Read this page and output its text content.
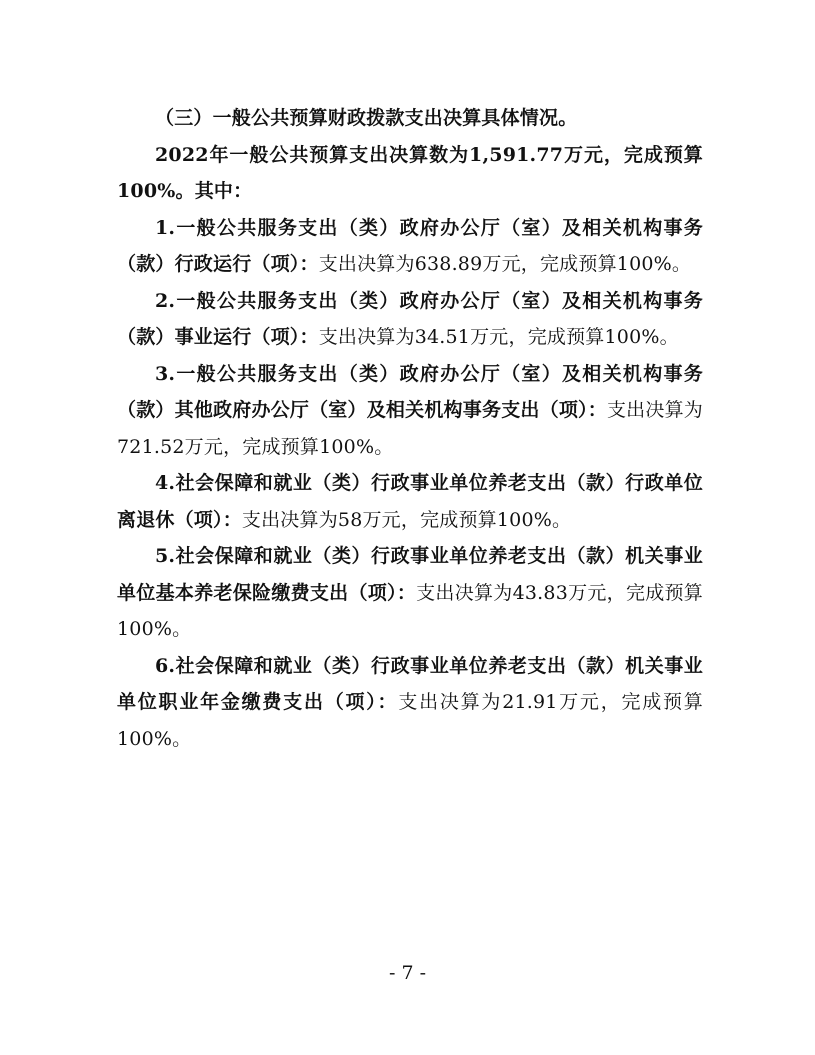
（三）一般公共预算财政拨款支出决算具体情况。

2022年一般公共预算支出决算数为1,591.77万元，完成预算100%。其中：

1.一般公共服务支出（类）政府办公厅（室）及相关机构事务（款）行政运行（项）：支出决算为638.89万元，完成预算100%。

2.一般公共服务支出（类）政府办公厅（室）及相关机构事务（款）事业运行（项）：支出决算为34.51万元，完成预算100%。

3.一般公共服务支出（类）政府办公厅（室）及相关机构事务（款）其他政府办公厅（室）及相关机构事务支出（项）：支出决算为721.52万元，完成预算100%。

4.社会保障和就业（类）行政事业单位养老支出（款）行政单位离退休（项）：支出决算为58万元，完成预算100%。

5.社会保障和就业（类）行政事业单位养老支出（款）机关事业单位基本养老保险缴费支出（项）：支出决算为43.83万元，完成预算100%。

6.社会保障和就业（类）行政事业单位养老支出（款）机关事业单位职业年金缴费支出（项）：支出决算为21.91万元，完成预算100%。

- 7 -
